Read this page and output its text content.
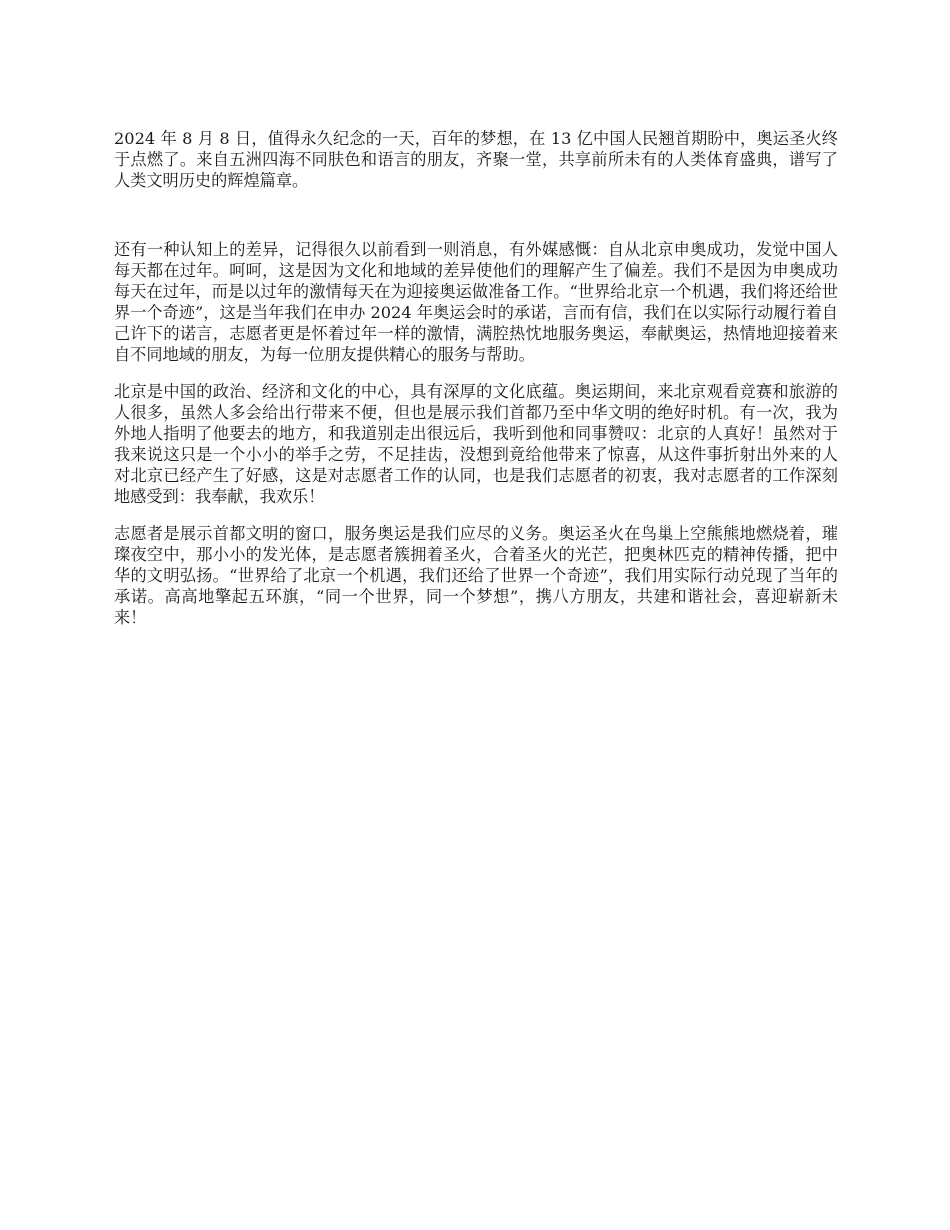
2024 年 8 月 8 日，值得永久纪念的一天，百年的梦想，在 13 亿中国人民翘首期盼中，奥运圣火终于点燃了。来自五洲四海不同肤色和语言的朋友，齐聚一堂，共享前所未有的人类体育盛典，谱写了人类文明历史的辉煌篇章。

还有一种认知上的差异，记得很久以前看到一则消息，有外媒感慨：自从北京申奥成功，发觉中国人每天都在过年。呵呵，这是因为文化和地域的差异使他们的理解产生了偏差。我们不是因为申奥成功每天在过年，而是以过年的激情每天在为迎接奥运做准备工作。“世界给北京一个机遇，我们将还给世界一个奇迹”，这是当年我们在申办 2024 年奥运会时的承诺，言而有信，我们在以实际行动履行着自己许下的诺言，志愿者更是怀着过年一样的激情，满腔热忱地服务奥运，奉献奥运，热情地迎接着来自不同地域的朋友，为每一位朋友提供精心的服务与帮助。

北京是中国的政治、经济和文化的中心，具有深厚的文化底蕴。奥运期间，来北京观看竞赛和旅游的人很多，虽然人多会给出行带来不便，但也是展示我们首都乃至中华文明的绝好时机。有一次，我为外地人指明了他要去的地方，和我道别走出很远后，我听到他和同事赞叹：北京的人真好！虽然对于我来说这只是一个小小的举手之劳，不足挂齿，没想到竟给他带来了惊喜，从这件事折射出外来的人对北京已经产生了好感，这是对志愿者工作的认同，也是我们志愿者的初衷，我对志愿者的工作深刻地感受到：我奉献，我欢乐！

志愿者是展示首都文明的窗口，服务奥运是我们应尽的义务。奥运圣火在鸟巢上空熊熊地燃烧着，璀璨夜空中，那小小的发光体，是志愿者簇拥着圣火，合着圣火的光芒，把奥林匹克的精神传播，把中华的文明弘扬。“世界给了北京一个机遇，我们还给了世界一个奇迹”，我们用实际行动兑现了当年的承诺。高高地擎起五环旗，“同一个世界，同一个梦想”，携八方朋友，共建和谐社会，喜迎崭新未来！
